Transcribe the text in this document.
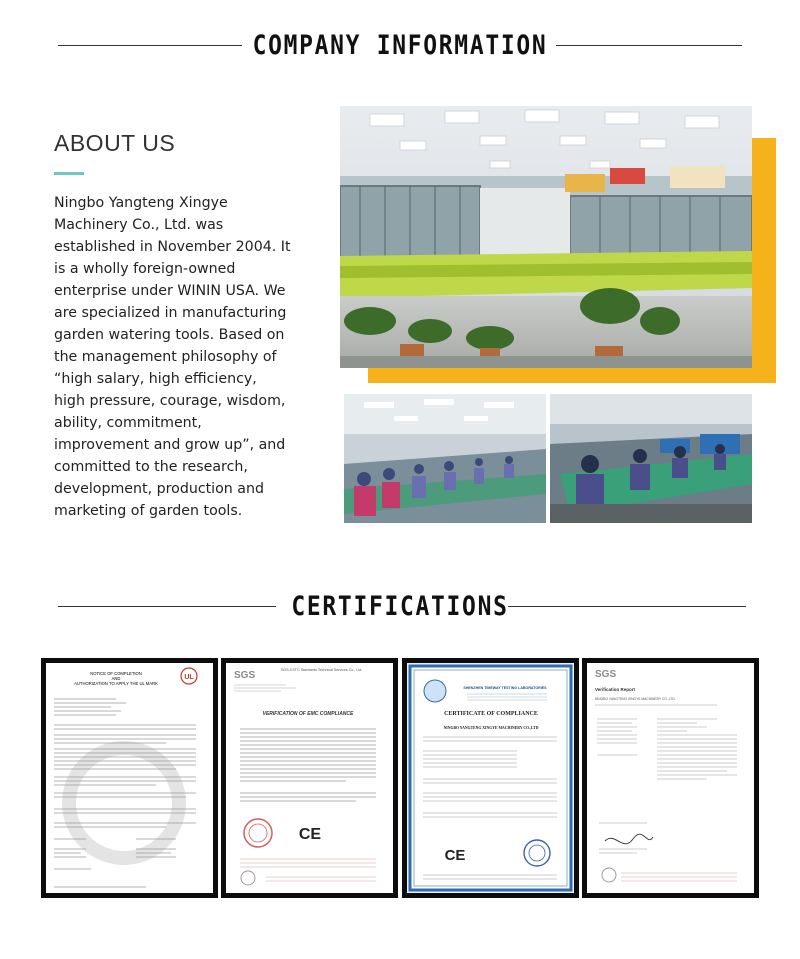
COMPANY INFORMATION
ABOUT US
Ningbo Yangteng Xingye Machinery Co., Ltd. was established in November 2004. It is a wholly foreign-owned enterprise under WININ USA. We are specialized in manufacturing garden watering tools. Based on the management philosophy of “high salary, high efficiency, high pressure, courage, wisdom, ability, commitment, improvement and grow up”, and committed to the research, development, production and marketing of garden tools.
CERTIFICATIONS
NOTICE OF COMPLETION
AND
AUTHORIZATION TO APPLY THE UL MARK
UL	SGS	SGS-CSTC Standards Technical Services Co., Ltd.
VERIFICATION OF EMC COMPLIANCE
CE
SHENZHEN TIMEWAY TESTING LABORATORIES
CERTIFICATE OF COMPLIANCE
NINGBO YANGTENG XINGYE MACHINERY CO.,LTD
CE
SGS
Verification Report
NINGBO YANGTENG XINGYE MACHINERY CO.,LTD.
